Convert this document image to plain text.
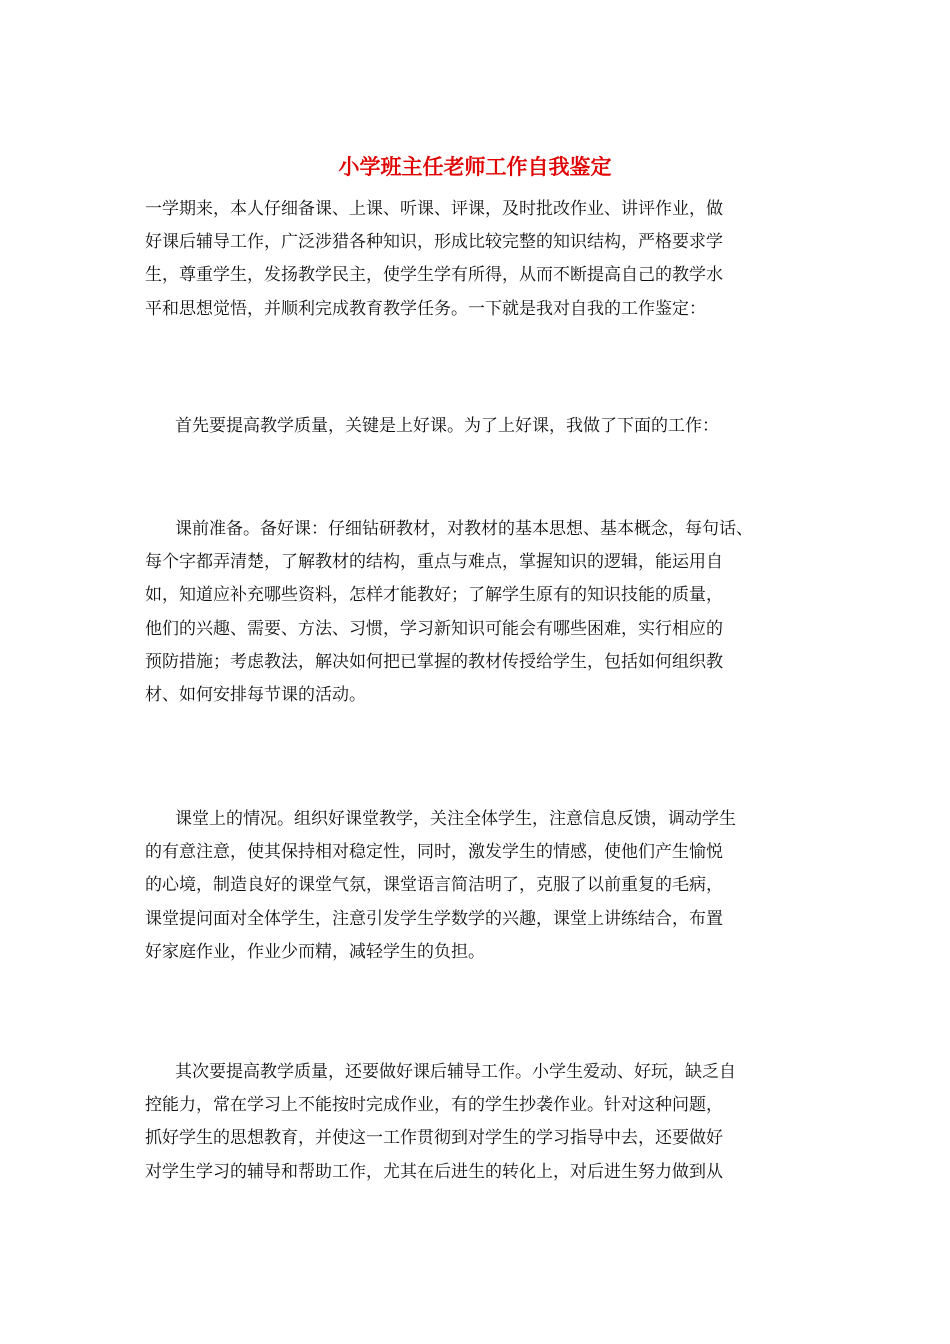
小学班主任老师工作自我鉴定
一学期来，本人仔细备课、上课、听课、评课，及时批改作业、讲评作业，做
好课后辅导工作，广泛涉猎各种知识，形成比较完整的知识结构，严格要求学
生，尊重学生，发扬教学民主，使学生学有所得，从而不断提高自己的教学水
平和思想觉悟，并顺利完成教育教学任务。一下就是我对自我的工作鉴定：
首先要提高教学质量，关键是上好课。为了上好课，我做了下面的工作：
课前准备。备好课：仔细钻研教材，对教材的基本思想、基本概念，每句话、
每个字都弄清楚，了解教材的结构，重点与难点，掌握知识的逻辑，能运用自
如，知道应补充哪些资料，怎样才能教好；了解学生原有的知识技能的质量，
他们的兴趣、需要、方法、习惯，学习新知识可能会有哪些困难，实行相应的
预防措施；考虑教法，解决如何把已掌握的教材传授给学生，包括如何组织教
材、如何安排每节课的活动。
课堂上的情况。组织好课堂教学，关注全体学生，注意信息反馈，调动学生
的有意注意，使其保持相对稳定性，同时，激发学生的情感，使他们产生愉悦
的心境，制造良好的课堂气氛，课堂语言简洁明了，克服了以前重复的毛病，
课堂提问面对全体学生，注意引发学生学数学的兴趣，课堂上讲练结合，布置
好家庭作业，作业少而精，减轻学生的负担。
其次要提高教学质量，还要做好课后辅导工作。小学生爱动、好玩，缺乏自
控能力，常在学习上不能按时完成作业，有的学生抄袭作业。针对这种问题，
抓好学生的思想教育，并使这一工作贯彻到对学生的学习指导中去，还要做好
对学生学习的辅导和帮助工作，尤其在后进生的转化上，对后进生努力做到从
